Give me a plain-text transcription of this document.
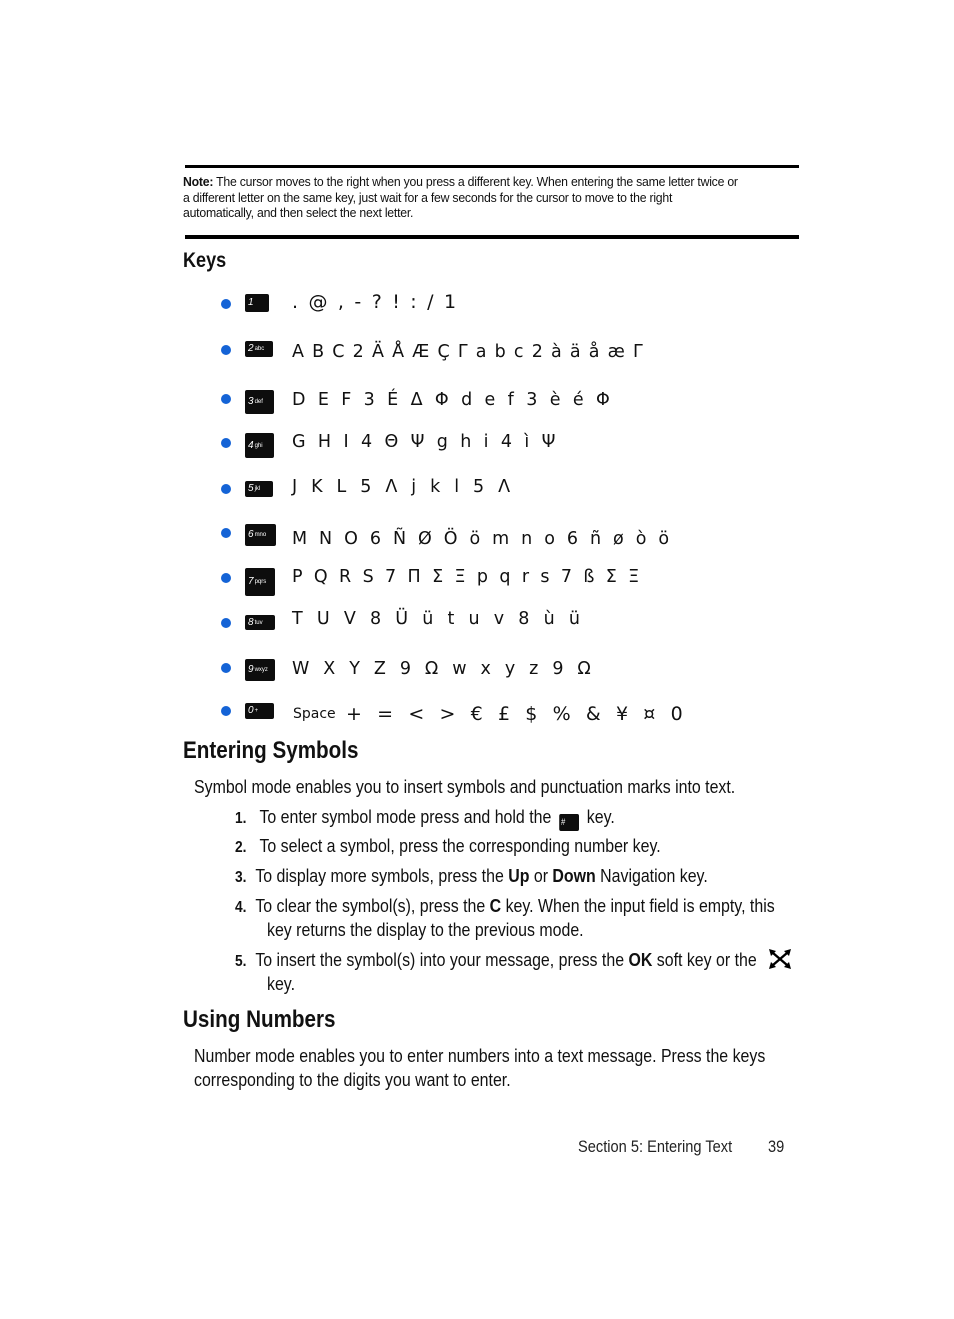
Note: The cursor moves to the right when you press a different key. When entering the same letter twice or
a different letter on the same key, just wait for a few seconds for the cursor to move to the right
automatically, and then select the next letter.
Keys
1 . @ , - ? ! : / 1
2 abc A B C 2 Ä Å Æ Ç Γ a b c 2 à ä å æ Γ
3 def D E F 3 É Δ Φ d e f 3 è é Φ
4 ghi G H I 4 Θ Ψ g h i 4 ì Ψ
5 jkl J K L 5 Λ j k l 5 Λ
6 mno M N O 6 Ñ Ø Ö ö m n o 6 ñ ø ò ö
7 pqrs P Q R S 7 Π Σ Ξ p q r s 7 ß Σ Ξ
8 tuv T U V 8 Ü ü t u v 8 ù ü
9 wxyz W X Y Z 9 Ω w x y z 9 Ω
0 + Space + = < > € £ $ % & ¥ ¤ 0
Entering Symbols
Symbol mode enables you to insert symbols and punctuation marks into text.
1. To enter symbol mode press and hold the # key.
2. To select a symbol, press the corresponding number key.
3. To display more symbols, press the Up or Down Navigation key.
4. To clear the symbol(s), press the C key. When the input field is empty, this
key returns the display to the previous mode.
5. To insert the symbol(s) into your message, press the OK soft key or the
key.
Using Numbers
Number mode enables you to enter numbers into a text message. Press the keys
corresponding to the digits you want to enter.
Section 5: Entering Text 39
